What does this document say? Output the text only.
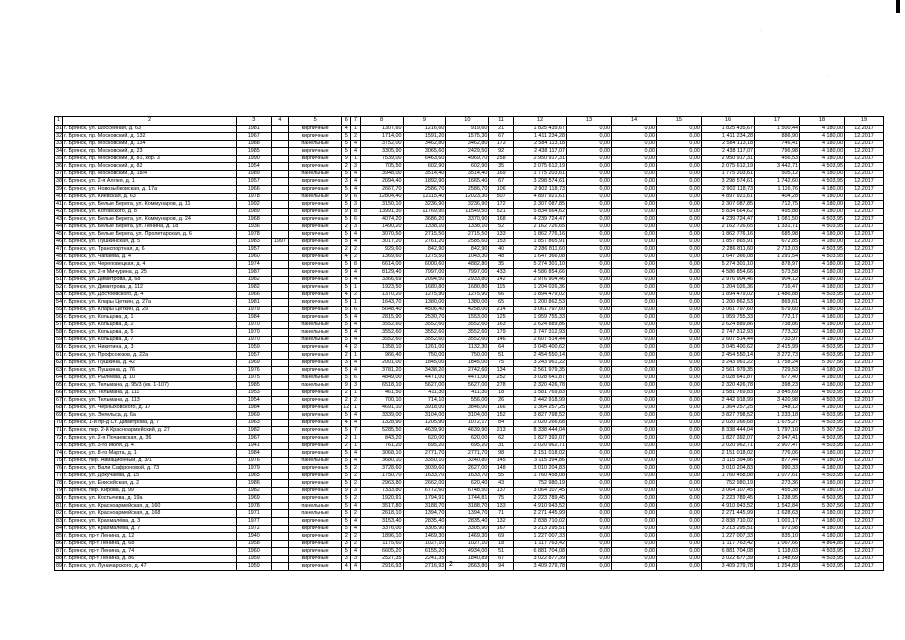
·
·
1	2	3	4	5	6	7	8	9	10	11	12	13	14	15	16	17	18	19
31	г. Брянск, ул. Шоссейная, д. 63	1981		кирпичные	4	1	1307,60	1216,60	919,60	21	1 825 435,67	0,00	0,00	0,00	1 825 435,67	1 500,44	4 180,00	12.2017
32	г. Брянск, пр. Московский, д. 132	1967		кирпичные	5	2	1714,00	1591,20	1575,30	67	1 411 234,28	0,00	0,00	0,00	1 411 234,28	886,90	4 180,00	12.2017
33	г. Брянск, пр. Московский, д. 134	1988		панельные	5	4	3752,00	3462,80	3462,80	173	2 584 113,18	0,00	0,00	0,00	2 584 113,18	746,41	4 180,00	12.2017
34	г. Брянск, пр. Московский, д. 23	1985		кирпичные	5	4	3305,90	3065,60	2429,50	92	2 438 117,07	0,00	0,00	0,00	2 438 117,07	796,98	4 180,00	12.2017
35	г. Брянск, пр. Московский, д. 81, кор. 3	1990		кирпичные	9	1	7539,00	6463,60	4969,70	258	2 950 917,31	0,00	0,00	0,00	2 950 917,31	456,53	4 180,00	12.2017
36	г. Брянск, пр. Московский, д. 82	1954		кирпичные	2	3	705,50	602,90	602,90	35	2 075 612,19	0,00	0,00	0,00	2 075 612,19	3 442,71	4 503,95	12.2017
37	г. Брянск, пр. Московский, д. 18/4	1989		панельные	5	4	3948,00	3514,40	3514,40	169	1 775 203,61	0,00	0,00	0,00	1 775 203,61	505,12	4 180,00	12.2017
38	г. Брянск, ул. 2-я Аллея, д. 1	1957		кирпичные	3	4	2094,40	1892,90	1665,40	67	3 298 574,61	0,00	0,00	0,00	3 298 574,61	1 742,60	4 503,95	12.2017
39	г. Брянск, ул. Новозыбковская, д. 17а	1966		кирпичные	5	4	2667,70	2586,70	2586,70	106	2 902 118,73	0,00	0,00	0,00	2 902 118,73	1 116,76	4 180,00	12.2017
40	г. Брянск, ул. Киевская, д. 63	1978		панельные	9	6	12804,40	12115,40	12023,30	507	4 897 921,61	0,00	0,00	0,00	4 897 921,61	404,28	4 180,00	12.2017
41	г. Брянск, ул. Белые Берега, ул. Коммунаров, д. 11	1992		кирпичные	5	3	3150,10	3236,90	3236,90	172	2 307 087,85	0,00	0,00	0,00	2 307 087,85	712,75	4 180,00	12.2017
42	г. Брянск, ул. Котовского, д. 8	1989		кирпичные	9	8	13991,30	11769,90	11549,50	521	5 834 664,62	0,00	0,00	0,00	5 834 664,62	495,88	4 180,00	12.2017
43	г. Брянск, ул. Белые Берега, ул. Коммунаров, д. 24	1968		кирпичные	5	6	4074,20	3686,20	3370,90	168	4 239 724,47	0,00	0,00	0,00	4 239 724,47	1 081,50	4 503,95	12.2017
44	г. Брянск, ул. Белые Берега, ул. Ленина, д. 18	1936		кирпичные	2	3	1490,20	1338,10	1338,10	52	2 162 726,65	0,00	0,00	0,00	2 162 726,65	1 331,71	4 503,95	12.2017
45	г. Брянск, ул. Белые Берега, ул. Пролетарская, д. 6	1978		кирпичные	5	4	3070,50	2715,50	2715,50	133	1 862 776,16	0,00	0,00	0,00	1 862 776,16	685,98	4 180,00	12.2017
46	г. Брянск, ул. Пушкинская, д. 5	1983	1997	кирпичные	5	4	3017,20	2761,20	2585,60	153	1 857 865,91	0,00	0,00	0,00	1 857 865,91	672,85	4 180,00	12.2017
47	г. Брянск, ул. Транспортная, д. 6	1957		кирпичные	2	2	929,60	842,90	842,90	40	2 286 811,60	0,00	0,00	0,00	2 286 811,60	2 713,03	4 503,95	12.2017
48	г. Брянск, ул. Чапаева, д. 4	1960		кирпичные	4	2	1369,60	1275,50	1043,30	48	1 647 366,08	0,00	0,00	0,00	1 647 366,08	1 291,54	4 503,95	12.2017
49	г. Брянск, ул. Череповецкая, д. 4	1974		кирпичные	5	8	6614,00	6000,60	4882,80	35	5 274 301,10	0,00	0,00	0,00	5 274 301,10	878,97	4 180,00	12.2017
50	г. Брянск, ул. 2-я Мичурина, д. 25	1987		кирпичные	9	4	8129,40	7997,00	7997,00	433	4 586 854,66	0,00	0,00	0,00	4 586 854,66	573,58	4 180,00	12.2017
51	г. Брянск, ул. Димитрова, д. 68	1982		кирпичные	5	4	3366,69	2094,50	2933,80	142	2 976 904,46	0,00	0,00	0,00	2 976 904,46	904,12	4 180,00	12.2017
52	г. Брянск, ул. Димитрова, д. 112	1982		кирпичные	5	1	1923,50	1680,80	1680,80	115	1 204 026,36	0,00	0,00	0,00	1 204 026,36	716,47	4 180,00	12.2017
53	г. Брянск, ул. Достоевского, д. 4	1966		кирпичные	4	2	1370,20	1275,90	1275,90	66	1 894 479,02	0,00	0,00	0,00	1 894 479,02	1 486,88	4 503,95	12.2017
54	г. Брянск, ул. Клары Цеткин, д. 27а	1981		кирпичные	5	1	1643,70	1380,00	1380,00	65	1 200 862,53	0,00	0,00	0,00	1 200 862,53	869,61	4 180,00	12.2017
55	г. Брянск, ул. Клары Цеткин, д. 29	1979		кирпичные	5	6	5648,40	4506,40	4258,00	214	3 061 797,60	0,00	0,00	0,00	3 061 797,60	679,60	4 180,00	12.2017
56	г. Брянск, ул. Кольцова, д. 1	1984		кирпичные	5	4	2815,90	2530,70	1553,00	125	1 959 755,33	0,00	0,00	0,00	1 959 755,33	772,17	4 180,00	12.2017
57	г. Брянск, ул. Кольцова, д. 2	1970		панельные	5	4	3552,60	3552,60	3552,60	163	2 624 889,86	0,00	0,00	0,00	2 624 889,86	738,86	4 180,00	12.2017
58	г. Брянск, ул. Кольцова, д. 5	1970		панельные	5	4	3552,60	3552,60	3552,60	179	2 747 312,93	0,00	0,00	0,00	2 747 312,93	773,32	4 180,00	12.2017
59	г. Брянск, ул. Кольцова, д. 7	1970		панельные	5	4	3552,60	3552,60	3552,60	146	2 607 514,44	0,00	0,00	0,00	2 607 514,44	733,97	4 180,00	12.2017
60	г. Брянск, ул. Никитина, д. 3	1959		кирпичные	4	2	1358,10	1261,00	1132,30	64	3 045 400,62	0,00	0,00	0,00	3 045 400,62	2 415,99	4 503,95	12.2017
61	г. Брянск, ул. Профсоюзов, д. 22а	1957		кирпичные	2	1	966,40	750,00	750,00	51	2 454 550,14	0,00	0,00	0,00	2 454 550,14	3 272,73	4 503,95	12.2017
62	г. Брянск, ул. Пушкина, д. 42	1969		кирпичные	3	4	2001,00	1845,00	1845,00	75	3 243 961,22	0,00	0,00	0,00	3 243 961,22	1 758,24	5 307,56	12.2017
63	г. Брянск, ул. Пушкина, д. 76	1976		кирпичные	5	4	3781,20	3438,20	2742,60	134	2 561 979,35	0,00	0,00	0,00	2 561 979,35	729,53	4 180,00	12.2017
64	г. Брянск, ул. Рылеева, д. 10	1975		панельные	5	6	4849,00	4471,00	4471,00	252	3 028 641,87	0,00	0,00	0,00	3 028 641,87	677,40	4 180,00	12.2017
65	г. Брянск, ул. Тельмана, д. 95/3 (кв. 1-107)	1985		панельные	9	3	6518,10	5627,00	5627,00	278	2 320 426,78	0,00	0,00	0,00	2 320 426,78	398,23	4 180,00	12.2017
66	г. Брянск, ул. Тельмана, д. 111	1953		кирпичные	2	1	461,50	411,30	411,30	18	1 581 769,83	0,00	0,00	0,00	1 581 769,83	3 845,69	4 503,95	12.2017
67	г. Брянск, ул. Тельмана, д. 113	1954		кирпичные	2	2	700,10	714,10	556,00	26	2 442 918,99	0,00	0,00	0,00	2 442 918,99	3 420,98	4 503,95	12.2017
68	г. Брянск, ул. Черныховского, д. 17	1984		кирпичные	12	1	4691,10	3918,00	3846,00	166	1 364 257,25	0,00	0,00	0,00	1 364 257,25	348,12	4 180,00	12.2017
69	г. Брянск, ул. Энгельса, д. 6а	1969		кирпичные	5	4	3339,00	3104,00	3104,00	152	3 827 798,52	0,00	0,00	0,00	3 827 798,52	1 233,18	4 503,95	12.2017
70	г. Брянск, 1-й пр-д Ст. Димитрова, д. 7	1963		кирпичные	4	4	1328,90	1205,90	1072,17	84	2 020 266,68	0,00	0,00	0,00	2 020 266,68	1 675,27	4 503,95	12.2017
71	г. Брянск, пер. 2-й Красноармейский, д. 27	1982		кирпичные	5	7	5285,50	4639,90	4639,90	213	8 338 444,04	0,00	0,00	0,00	8 338 444,04	1 797,10	5 307,56	12.2017
72	г. Брянск, ул. 2-я Почаевская, д. 36	1967		кирпичные	2	1	843,20	620,00	620,00	62	1 827 392,07	0,00	0,00	0,00	1 827 392,07	2 947,41	4 503,95	12.2017
73	г. Брянск, ул. 3-го июля, д. 4	1941		кирпичные	2	1	761,20	695,20	695,20	31	2 020 962,71	0,00	0,00	0,00	2 020 962,71	2 907,47	4 503,95	12.2017
74	г. Брянск, ул. 8-го Марта, д. 1	1984		кирпичные	5	4	3068,10	2771,70	2771,70	98	2 151 018,02	0,00	0,00	0,00	2 151 018,02	776,06	4 180,00	12.2017
75	г. Брянск, пер. Авиационный, д. 3/1	1976		панельные	5	4	3680,10	3350,10	3240,80	145	3 115 394,86	0,00	0,00	0,00	3 115 394,86	877,44	4 180,00	12.2017
76	г. Брянск, ул. Вали Сафроновой, д. 73	1979		кирпичные	5	2	3728,60	3039,60	2627,00	148	3 010 204,83	0,00	0,00	0,00	3 010 204,83	990,33	4 180,00	12.2017
77	г. Брянск, ул. Докучаева, д. 15	1965		кирпичные	5	2	1750,70	1633,70	1633,70	55	1 760 458,08	0,00	0,00	0,00	1 760 458,08	1 077,61	4 503,95	12.2017
78	г. Брянск, ул. Енисейская, д. 2	1986		кирпичные	5	2	2963,80	2662,00	620,40	43	752 980,19	0,00	0,00	0,00	752 980,19	273,36	4 180,00	12.2017
79	г. Брянск, пер. Кирова, д. 99	1982		кирпичные	9	3	7333,80	6772,60	6748,50	137	3 064 107,45	0,00	0,00	0,00	3 064 107,45	455,38	4 180,00	12.2017
80	г. Брянск, ул. Костычева, д. 19а	1969		кирпичные	5	2	1920,91	1794,91	1744,81	75	2 223 789,45	0,00	0,00	0,00	2 223 789,45	1 238,95	4 503,95	12.2017
81	г. Брянск, ул. Красноармейская, д. 160	1978		панельные	5	4	3517,80	3188,70	3188,70	133	4 910 943,52	0,00	0,00	0,00	4 910 943,52	1 542,84	5 307,56	12.2017
82	г. Брянск, ул. Красноармейская, д. 168	1971		панельные	5	2	2618,10	1394,70	1394,70	71	2 271 445,99	0,00	0,00	0,00	2 271 445,99	1 628,63	4 180,00	12.2017
83	г. Брянск, ул. Крахмалёва, д. 3	1977		кирпичные	5	4	3153,40	2835,40	2835,40	132	2 838 710,02	0,00	0,00	0,00	2 838 710,02	1 001,17	4 180,00	12.2017
84	г. Брянск, ул. Крахмалёва, д. 7	1972		кирпичные	5	4	3376,00	3305,90	3305,90	167	3 213 295,51	0,00	0,00	0,00	3 213 295,51	971,98	4 180,00	12.2017
85	г. Брянск, пр-т Ленина, д. 12	1940		кирпичные	2	2	1896,10	1469,30	1469,30	69	1 227 007,33	0,00	0,00	0,00	1 227 007,33	835,10	4 180,00	12.2017
86	г. Брянск, пр-т Ленина, д. 68	1958		кирпичные	3	2	1175,60	1027,10	1027,10	18	1 117 763,42	0,00	0,00	0,00	1 117 763,42	1 067,66	4 864,85	12.2017
87	г. Брянск, пр-т Ленина, д. 74	1960		кирпичные	5	4	6605,20	6155,20	4934,00	51	6 881 704,08	0,00	0,00	0,00	6 881 704,08	1 118,03	4 503,95	12.2017
88	г. Брянск, пр-т Ленина, д. 86	1959		кирпичные	3	3	2527,35	2241,35	1840,89	67	3 022 877,39	0,00	0,00	0,00	3 022 877,39	1 348,69	4 503,95	12.2017
89	г. Брянск, ул. Луначарского, д. 47	1959		кирпичные	4	4	2916,93	2716,93	2663,80	94	3 409 279,78	0,00	0,00	0,00	3 409 279,78	1 254,83	4 503,95	12.2017
2
